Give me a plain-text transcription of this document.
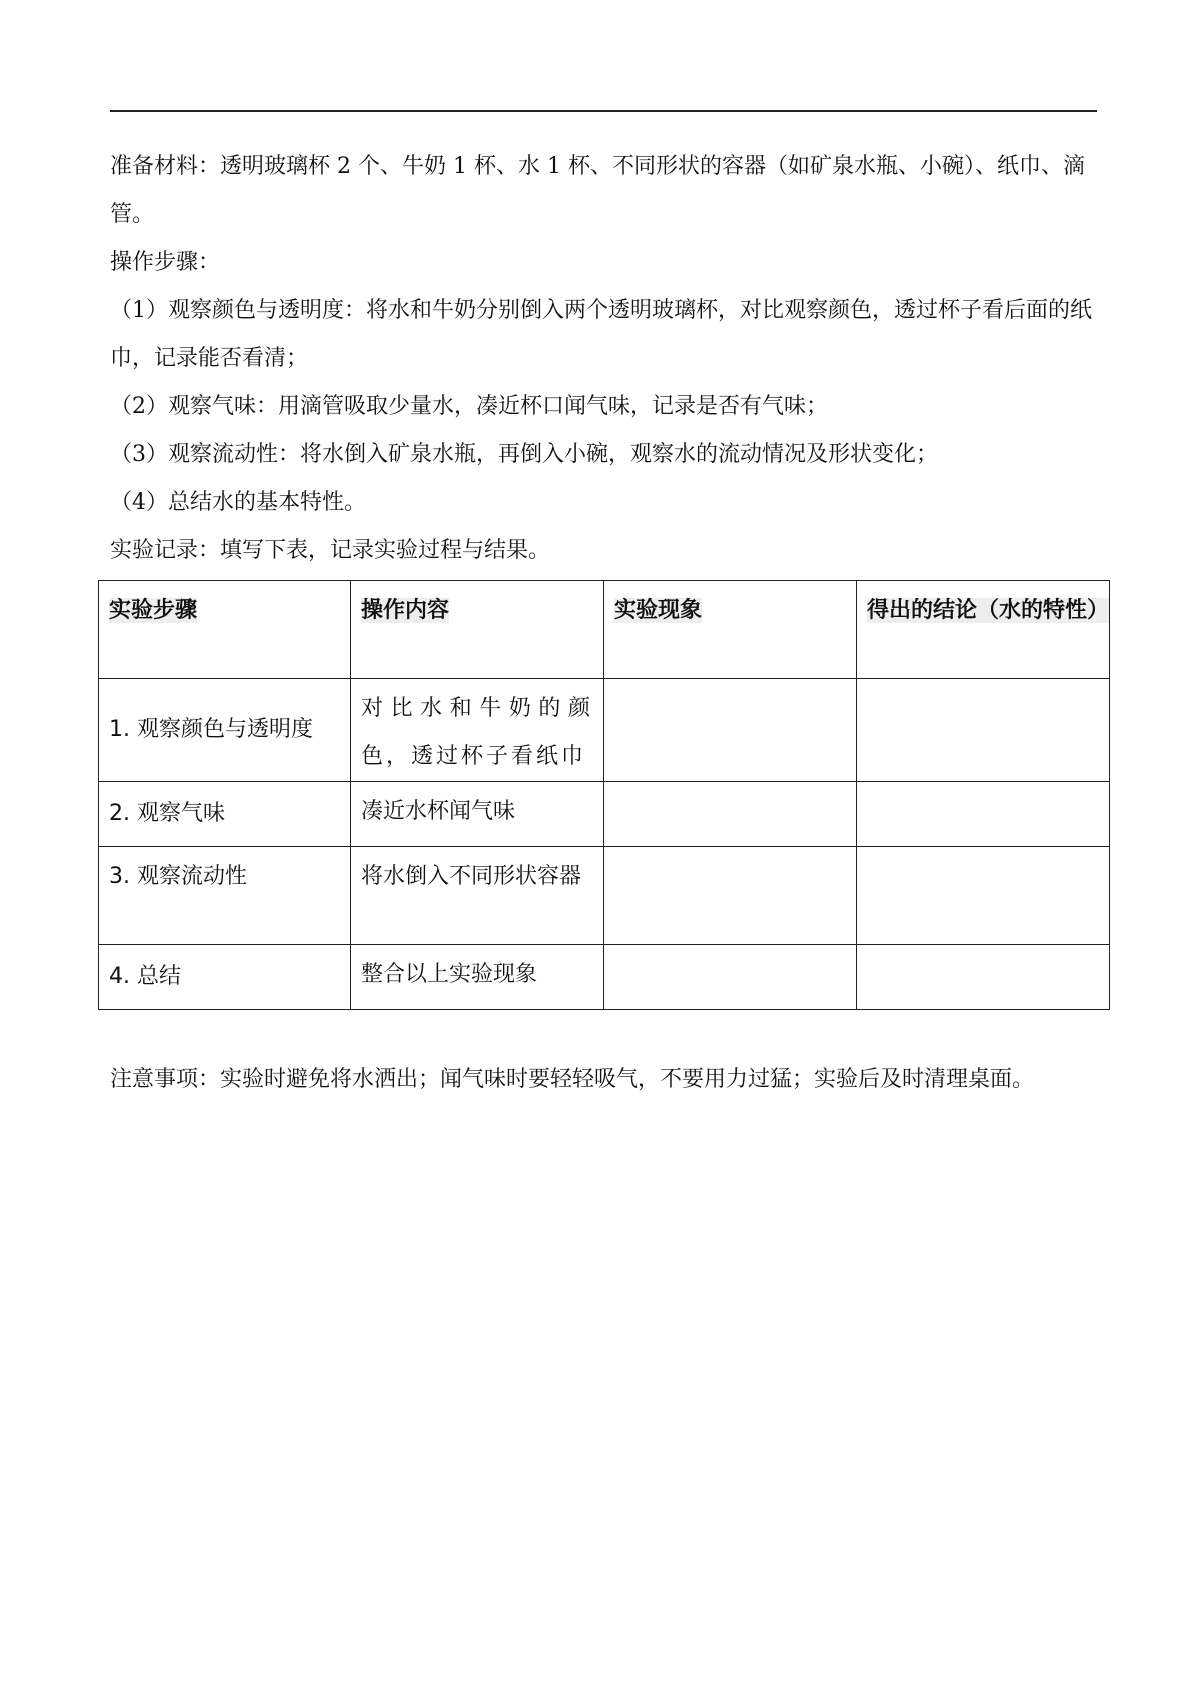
准备材料：透明玻璃杯 2 个、牛奶 1 杯、水 1 杯、不同形状的容器（如矿泉水瓶、小碗）、纸巾、滴管。

操作步骤：

（1）观察颜色与透明度：将水和牛奶分别倒入两个透明玻璃杯，对比观察颜色，透过杯子看后面的纸巾，记录能否看清；

（2）观察气味：用滴管吸取少量水，凑近杯口闻气味，记录是否有气味；

（3）观察流动性：将水倒入矿泉水瓶，再倒入小碗，观察水的流动情况及形状变化；

（4）总结水的基本特性。

实验记录：填写下表，记录实验过程与结果。

实验步骤	操作内容	实验现象	得出的结论（水的特性）
1. 观察颜色与透明度	对比水和牛奶的颜色，透过杯子看纸巾		
2. 观察气味	凑近水杯闻气味		
3. 观察流动性	将水倒入不同形状容器		
4. 总结	整合以上实验现象		

注意事项：实验时避免将水洒出；闻气味时要轻轻吸气，不要用力过猛；实验后及时清理桌面。
